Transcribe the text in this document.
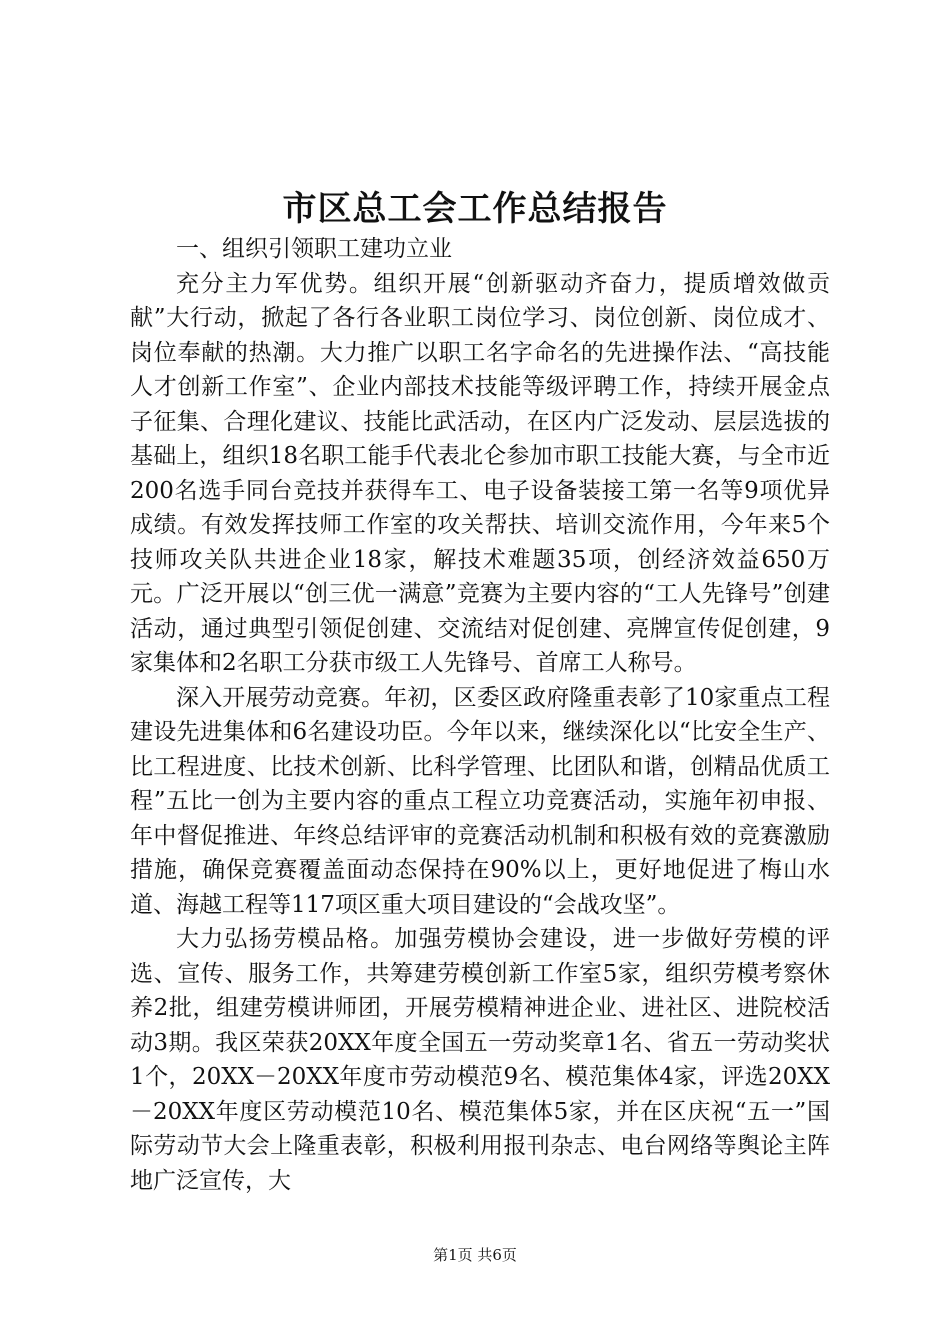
市区总工会工作总结报告

一、组织引领职工建功立业

充分主力军优势。组织开展“创新驱动齐奋力，提质增效做贡献”大行动，掀起了各行各业职工岗位学习、岗位创新、岗位成才、岗位奉献的热潮。大力推广以职工名字命名的先进操作法、“高技能人才创新工作室”、企业内部技术技能等级评聘工作，持续开展金点子征集、合理化建议、技能比武活动，在区内广泛发动、层层选拔的基础上，组织18名职工能手代表北仑参加市职工技能大赛，与全市近200名选手同台竞技并获得车工、电子设备装接工第一名等9项优异成绩。有效发挥技师工作室的攻关帮扶、培训交流作用，今年来5个技师攻关队共进企业18家，解技术难题35项，创经济效益650万元。广泛开展以“创三优一满意”竞赛为主要内容的“工人先锋号”创建活动，通过典型引领促创建、交流结对促创建、亮牌宣传促创建，9家集体和2名职工分获市级工人先锋号、首席工人称号。

深入开展劳动竞赛。年初，区委区政府隆重表彰了10家重点工程建设先进集体和6名建设功臣。今年以来，继续深化以“比安全生产、比工程进度、比技术创新、比科学管理、比团队和谐，创精品优质工程”五比一创为主要内容的重点工程立功竞赛活动，实施年初申报、年中督促推进、年终总结评审的竞赛活动机制和积极有效的竞赛激励措施，确保竞赛覆盖面动态保持在90%以上，更好地促进了梅山水道、海越工程等117项区重大项目建设的“会战攻坚”。

大力弘扬劳模品格。加强劳模协会建设，进一步做好劳模的评选、宣传、服务工作，共筹建劳模创新工作室5家，组织劳模考察休养2批，组建劳模讲师团，开展劳模精神进企业、进社区、进院校活动3期。我区荣获20XX年度全国五一劳动奖章1名、省五一劳动奖状1个，20XX－20XX年度市劳动模范9名、模范集体4家，评选20XX－20XX年度区劳动模范10名、模范集体5家，并在区庆祝“五一”国际劳动节大会上隆重表彰，积极利用报刊杂志、电台网络等舆论主阵地广泛宣传，大

第1页 共6页
